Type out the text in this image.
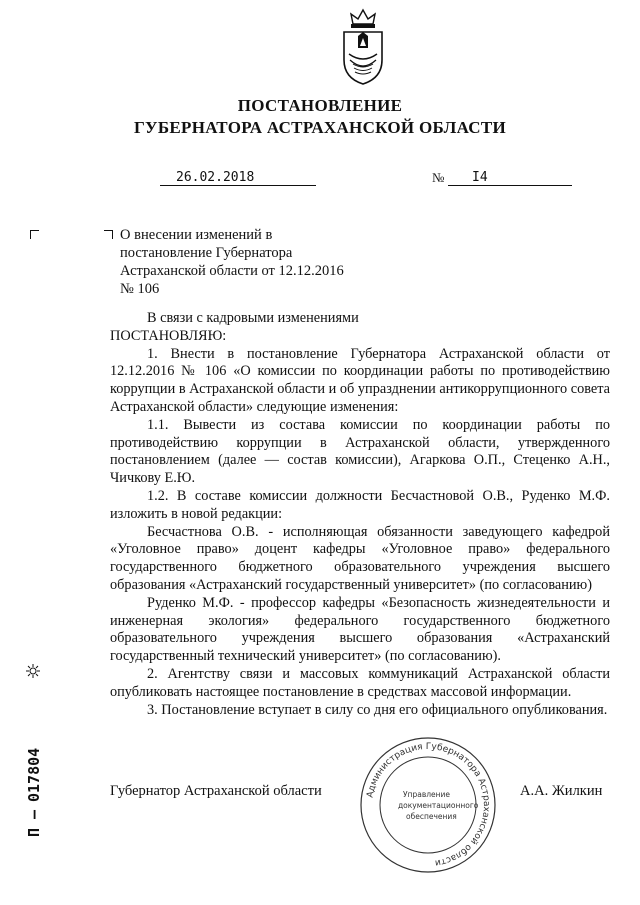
ПОСТАНОВЛЕНИЕ
ГУБЕРНАТОРА АСТРАХАНСКОЙ ОБЛАСТИ
26.02.2018	№ I4
О внесении изменений в постановление Губернатора Астраханской области от 12.12.2016 № 106

В связи с кадровыми изменениями

ПОСТАНОВЛЯЮ:

1. Внести в постановление Губернатора Астраханской области от 12.12.2016 № 106 «О комиссии по координации работы по противодействию коррупции в Астраханской области и об упразднении антикоррупционного совета Астраханской области» следующие изменения:

1.1. Вывести из состава комиссии по координации работы по противодействию коррупции в Астраханской области, утвержденного постановлением (далее — состав комиссии), Агаркова О.П., Стеценко А.Н., Чичкову Е.Ю.

1.2. В составе комиссии должности Бесчастновой О.В., Руденко М.Ф. изложить в новой редакции:

Бесчастнова О.В. - исполняющая обязанности заведующего кафедрой «Уголовное право» доцент кафедры «Уголовное право» федерального государственного бюджетного образовательного учреждения высшего образования «Астраханский государственный университет» (по согласованию)

Руденко М.Ф. - профессор кафедры «Безопасность жизнедеятельности и инженерная экология» федерального государственного бюджетного образовательного учреждения высшего образования «Астраханский государственный технический университет» (по согласованию).

2. Агентству связи и массовых коммуникаций Астраханской области опубликовать настоящее постановление в средствах массовой информации.

3. Постановление вступает в силу со дня его официального опубликования.

Губернатор Астраханской области	А.А. Жилкин
Администрация Губернатора Астраханской области
Управление
документационного
обеспечения
П –
017804
